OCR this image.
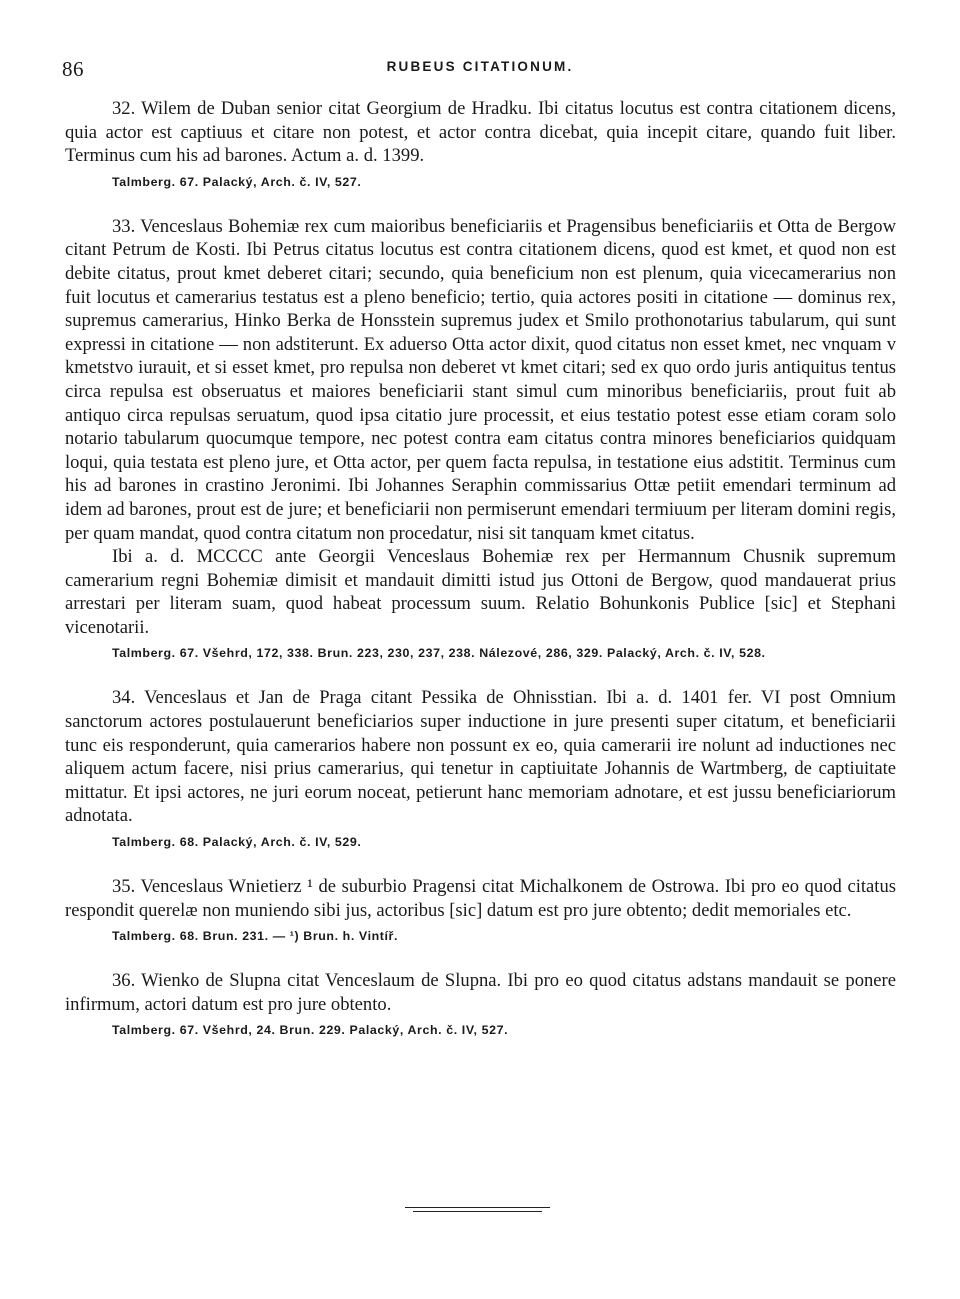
86	RUBEUS CITATIONUM.

32. Wilem de Duban senior citat Georgium de Hradku. Ibi citatus locutus est contra citationem dicens, quia actor est captiuus et citare non potest, et actor contra dicebat, quia incepit citare, quando fuit liber. Terminus cum his ad barones. Actum a. d. 1399.

Talmberg. 67. Palacký, Arch. č. IV, 527.

33. Venceslaus Bohemiæ rex cum maioribus beneficiariis et Pragensibus beneficiariis et Otta de Bergow citant Petrum de Kosti. Ibi Petrus citatus locutus est contra citationem dicens, quod est kmet, et quod non est debite citatus, prout kmet deberet citari; secundo, quia beneficium non est plenum, quia vicecamerarius non fuit locutus et camerarius testatus est a pleno beneficio; tertio, quia actores positi in citatione — dominus rex, supremus camerarius, Hinko Berka de Honsstein supremus judex et Smilo prothonotarius tabularum, qui sunt expressi in citatione — non adstiterunt. Ex aduerso Otta actor dixit, quod citatus non esset kmet, nec vnquam v kmetstvo iurauit, et si esset kmet, pro repulsa non deberet vt kmet citari; sed ex quo ordo juris antiquitus tentus circa repulsa est obseruatus et maiores beneficiarii stant simul cum minoribus beneficiariis, prout fuit ab antiquo circa repulsas seruatum, quod ipsa citatio jure processit, et eius testatio potest esse etiam coram solo notario tabularum quocumque tempore, nec potest contra eam citatus contra minores beneficiarios quidquam loqui, quia testata est pleno jure, et Otta actor, per quem facta repulsa, in testatione eius adstitit. Terminus cum his ad barones in crastino Jeronimi. Ibi Johannes Seraphin commissarius Ottæ petiit emendari terminum ad idem ad barones, prout est de jure; et beneficiarii non permiserunt emendari termiuum per literam domini regis, per quam mandat, quod contra citatum non procedatur, nisi sit tanquam kmet citatus.

Ibi a. d. MCCCC ante Georgii Venceslaus Bohemiæ rex per Hermannum Chusnik supremum camerarium regni Bohemiæ dimisit et mandauit dimitti istud jus Ottoni de Bergow, quod mandauerat prius arrestari per literam suam, quod habeat processum suum. Relatio Bohunkonis Publice [sic] et Stephani vicenotarii.

Talmberg. 67. Všehrd, 172, 338. Brun. 223, 230, 237, 238. Nálezové, 286, 329. Palacký, Arch. č. IV, 528.

34. Venceslaus et Jan de Praga citant Pessika de Ohnisstian. Ibi a. d. 1401 fer. VI post Omnium sanctorum actores postulauerunt beneficiarios super inductione in jure presenti super citatum, et beneficiarii tunc eis responderunt, quia camerarios habere non possunt ex eo, quia camerarii ire nolunt ad inductiones nec aliquem actum facere, nisi prius camerarius, qui tenetur in captiuitate Johannis de Wartmberg, de captiuitate mittatur. Et ipsi actores, ne juri eorum noceat, petierunt hanc memoriam adnotare, et est jussu beneficiariorum adnotata.

Talmberg. 68. Palacký, Arch. č. IV, 529.

35. Venceslaus Wnietierz ¹ de suburbio Pragensi citat Michalkonem de Ostrowa. Ibi pro eo quod citatus respondit querelæ non muniendo sibi jus, actoribus [sic] datum est pro jure obtento; dedit memoriales etc.

Talmberg. 68. Brun. 231. — ¹) Brun. h. Vintíř.

36. Wienko de Slupna citat Venceslaum de Slupna. Ibi pro eo quod citatus adstans mandauit se ponere infirmum, actori datum est pro jure obtento.

Talmberg. 67. Všehrd, 24. Brun. 229. Palacký, Arch. č. IV, 527.
